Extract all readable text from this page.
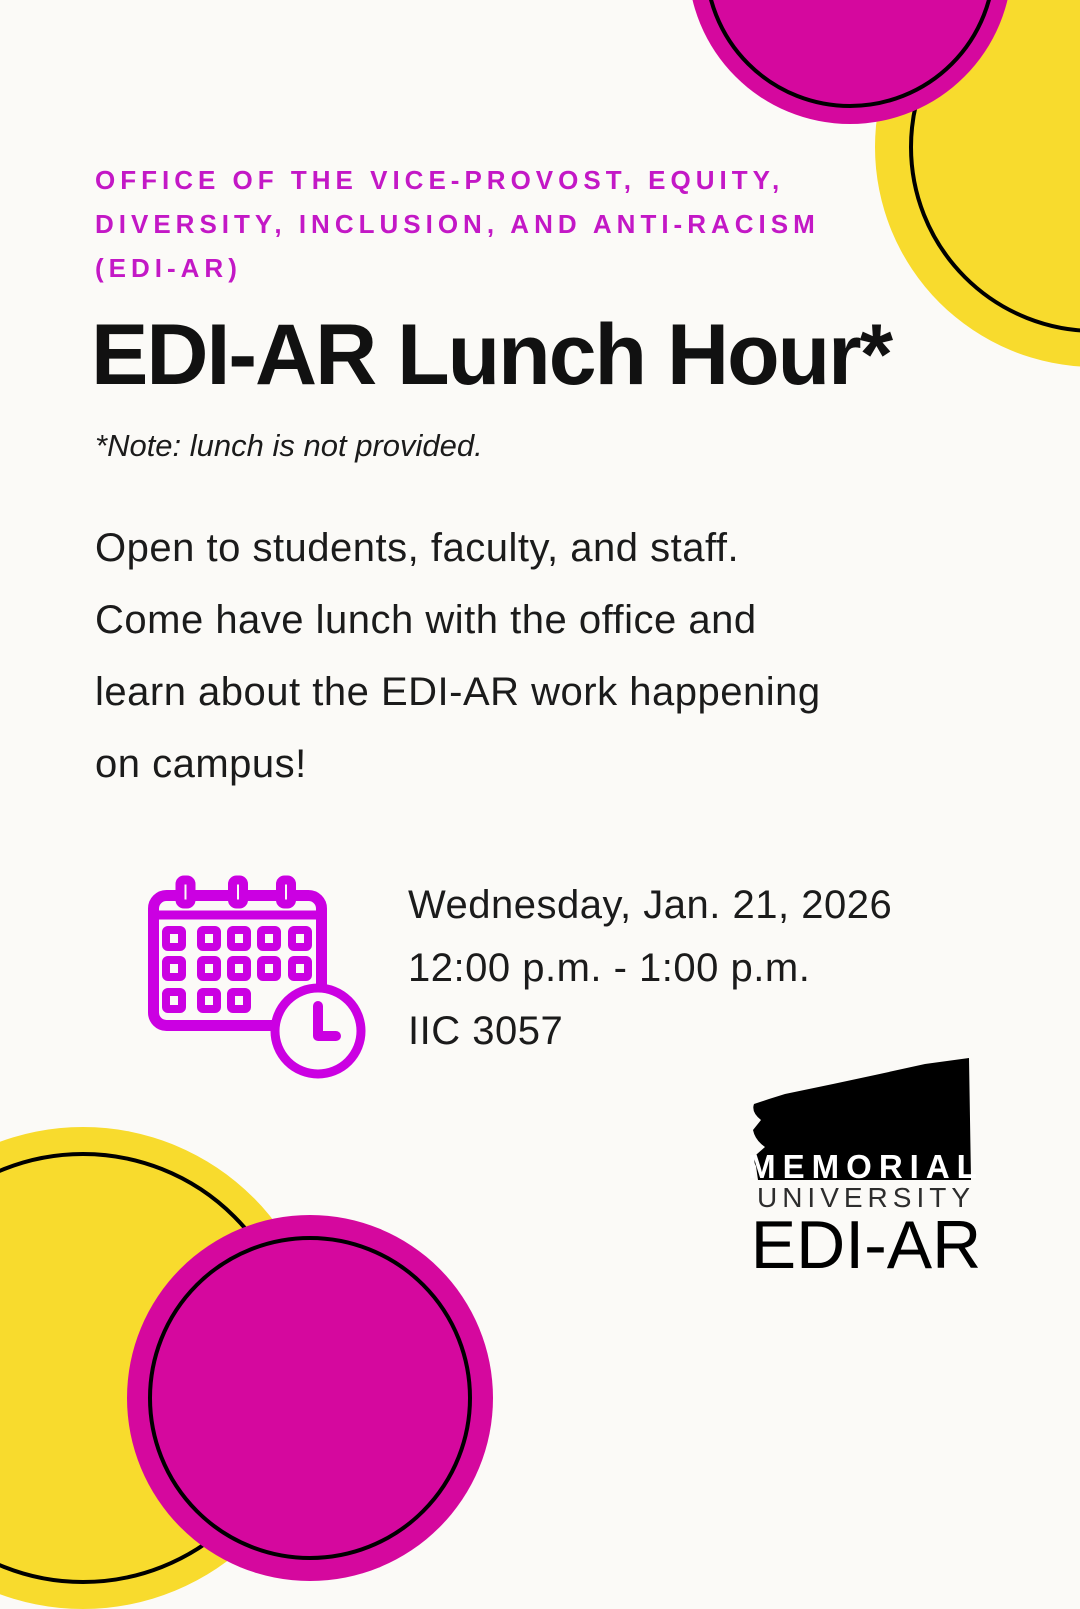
OFFICE OF THE VICE-PROVOST, EQUITY,
DIVERSITY, INCLUSION, AND ANTI-RACISM
(EDI-AR)
EDI-AR Lunch Hour*

*Note: lunch is not provided.

Open to students, faculty, and staff.
Come have lunch with the office and
learn about the EDI-AR work happening
on campus!
Wednesday, Jan. 21, 2026
12:00 p.m. - 1:00 p.m.
IIC 3057
MEMORIAL
UNIVERSITY
EDI-AR
